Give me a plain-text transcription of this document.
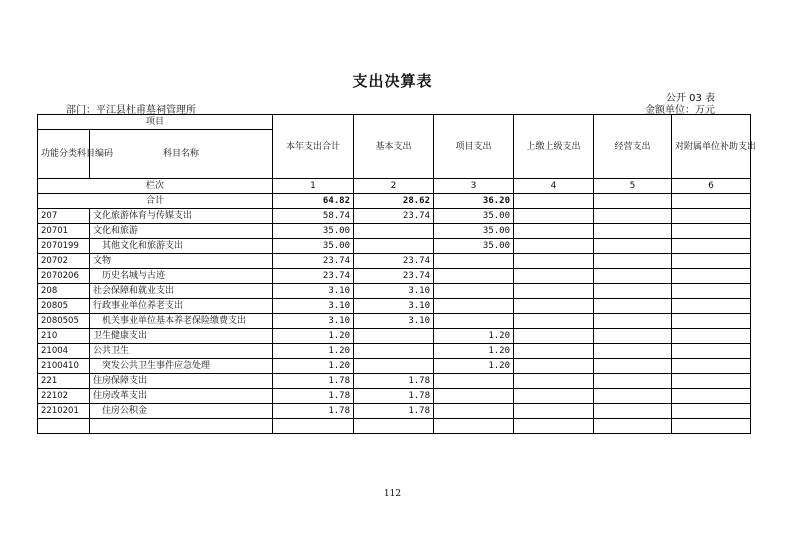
支出决算表
公开 03 表
部门：平江县杜甫墓祠管理所	金额单位：万元
项目		本年支出合计	基本支出	项目支出	上缴上级支出	经营支出	对附属单位补助支出
功能分类科目编码	科目名称						
栏次		1	2	3	4	5	6
合计		64.82	28.62	36.20			
207	文化旅游体育与传媒支出	58.74	23.74	35.00			
20701	文化和旅游	35.00		35.00			
2070199	其他文化和旅游支出	35.00		35.00			
20702	文物	23.74	23.74				
2070206	历史名城与古迹	23.74	23.74				
208	社会保障和就业支出	3.10	3.10				
20805	行政事业单位养老支出	3.10	3.10				
2080505	机关事业单位基本养老保险缴费支出	3.10	3.10				
210	卫生健康支出	1.20		1.20			
21004	公共卫生	1.20		1.20			
2100410	突发公共卫生事件应急处理	1.20		1.20			
221	住房保障支出	1.78	1.78				
22102	住房改革支出	1.78	1.78				
2210201	住房公积金	1.78	1.78				

112
